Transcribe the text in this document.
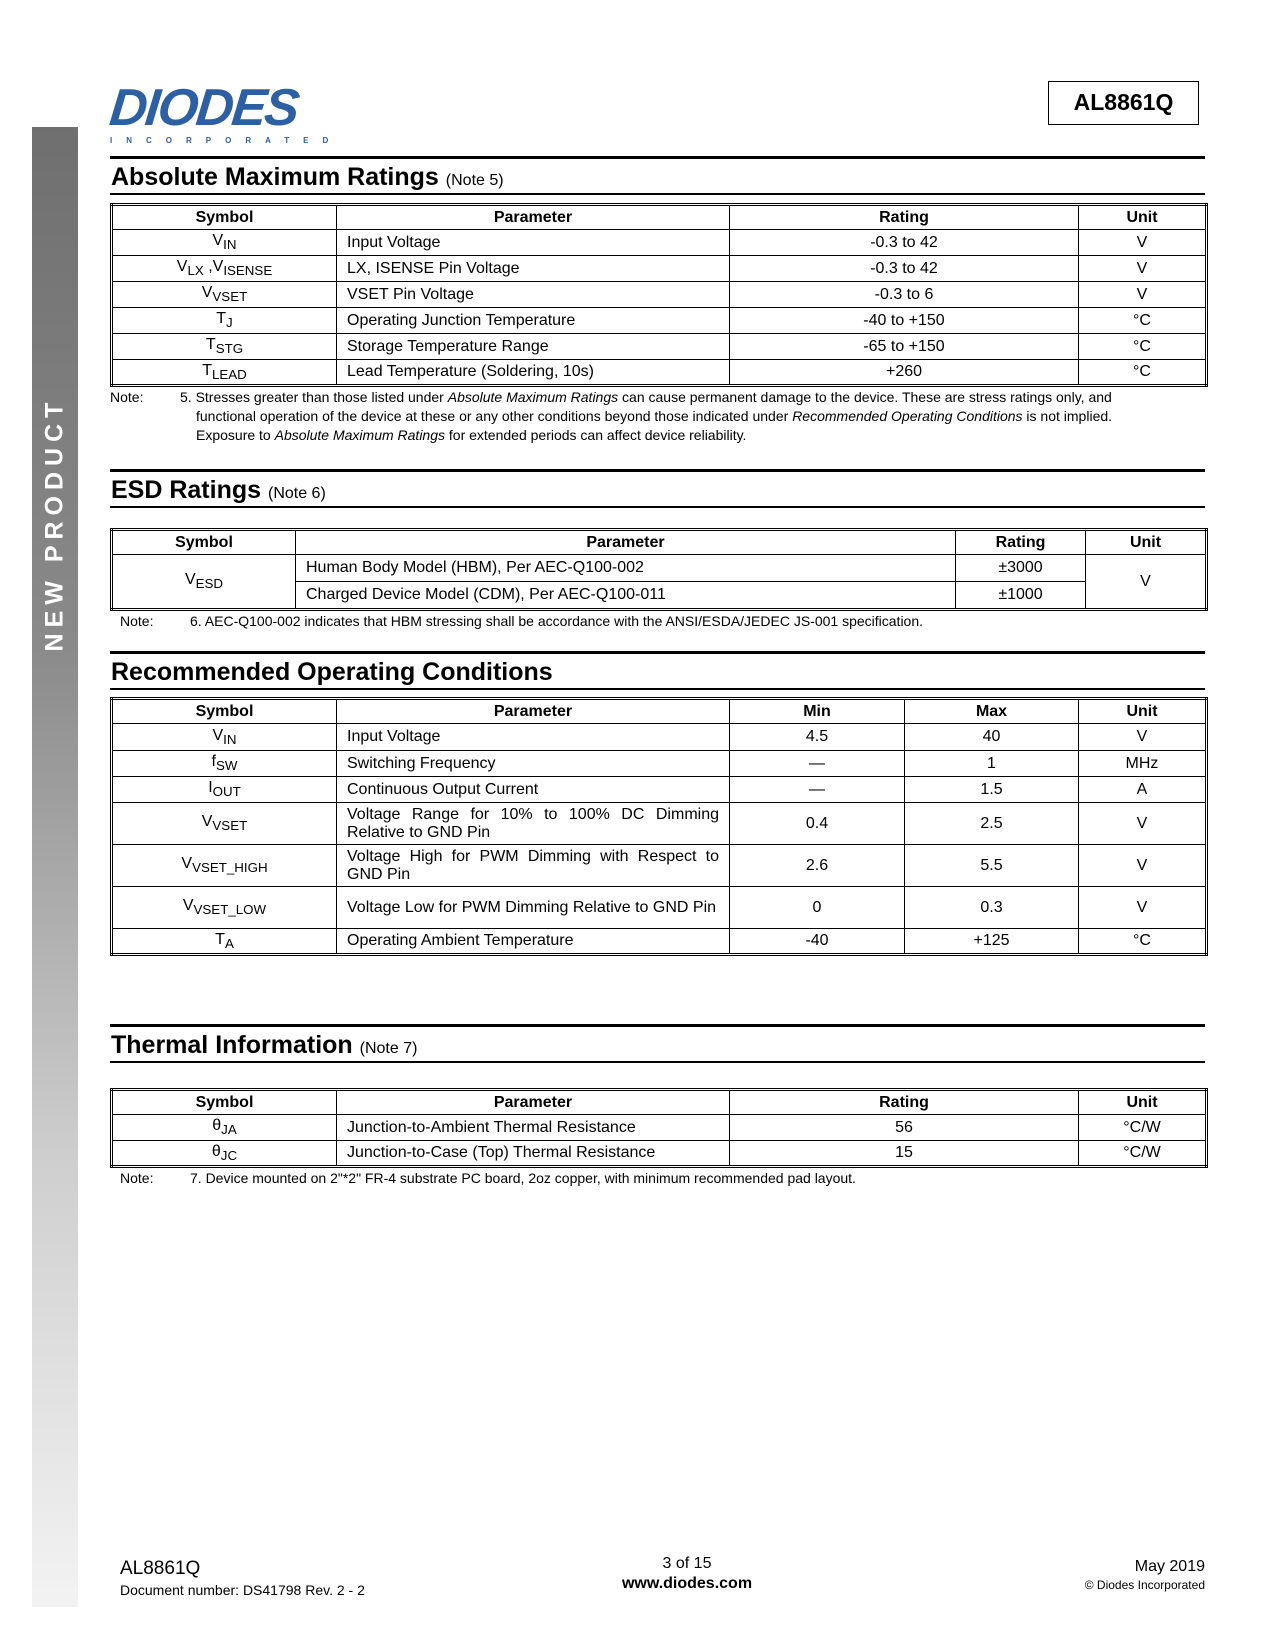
NEW PRODUCT
DIODES
INCORPORATED
AL8861Q
Absolute Maximum Ratings (Note 5)
Symbol	Parameter	Rating	Unit
$V_{IN}$	Input Voltage	-0.3 to 42	V
$V_{LX}$ $,V_{ISENSE}$	LX, ISENSE Pin Voltage	-0.3 to 42	V
$V_{VSET}$	VSET Pin Voltage	-0.3 to 6	V
$T_J$	Operating Junction Temperature	-40 to +150	°C
$T_{STG}$	Storage Temperature Range	-65 to +150	°C
$T_{LEAD}$	Lead Temperature (Soldering, 10s)	+260	°C
Note:	5. Stresses greater than those listed under Absolute Maximum Ratings can cause permanent damage to the device. These are stress ratings only, and
functional operation of the device at these or any other conditions beyond those indicated under Recommended Operating Conditions is not implied.
Exposure to Absolute Maximum Ratings for extended periods can affect device reliability.
ESD Ratings (Note 6)
Symbol	Parameter	Rating	Unit
$V_{ESD}$	Human Body Model (HBM), Per AEC-Q100-002	±3000	V
	Charged Device Model (CDM), Per AEC-Q100-011	±1000	
Note:	6. AEC-Q100-002 indicates that HBM stressing shall be accordance with the ANSI/ESDA/JEDEC JS-001 specification.
Recommended Operating Conditions
Symbol	Parameter	Min	Max	Unit
$V_{IN}$	Input Voltage	4.5	40	V
$f_{SW}$	Switching Frequency	—	1	MHz
$I_{OUT}$	Continuous Output Current	—	1.5	A
$V_{VSET}$	Voltage Range for 10% to 100% DC Dimming Relative to GND Pin	0.4	2.5	V
$V_{VSET\_HIGH}$	Voltage High for PWM Dimming with Respect to GND Pin	2.6	5.5	V
$V_{VSET\_LOW}$	Voltage Low for PWM Dimming Relative to GND Pin	0	0.3	V
$T_A$	Operating Ambient Temperature	-40	+125	°C
Thermal Information (Note 7)
Symbol	Parameter	Rating	Unit
$\theta_{JA}$	Junction-to-Ambient Thermal Resistance	56	°C/W
$\theta_{JC}$	Junction-to-Case (Top) Thermal Resistance	15	°C/W
Note:	7. Device mounted on 2"*2" FR-4 substrate PC board, 2oz copper, with minimum recommended pad layout.
AL8861Q
Document number: DS41798 Rev. 2 - 2
3 of 15
www.diodes.com
May 2019
© Diodes Incorporated
